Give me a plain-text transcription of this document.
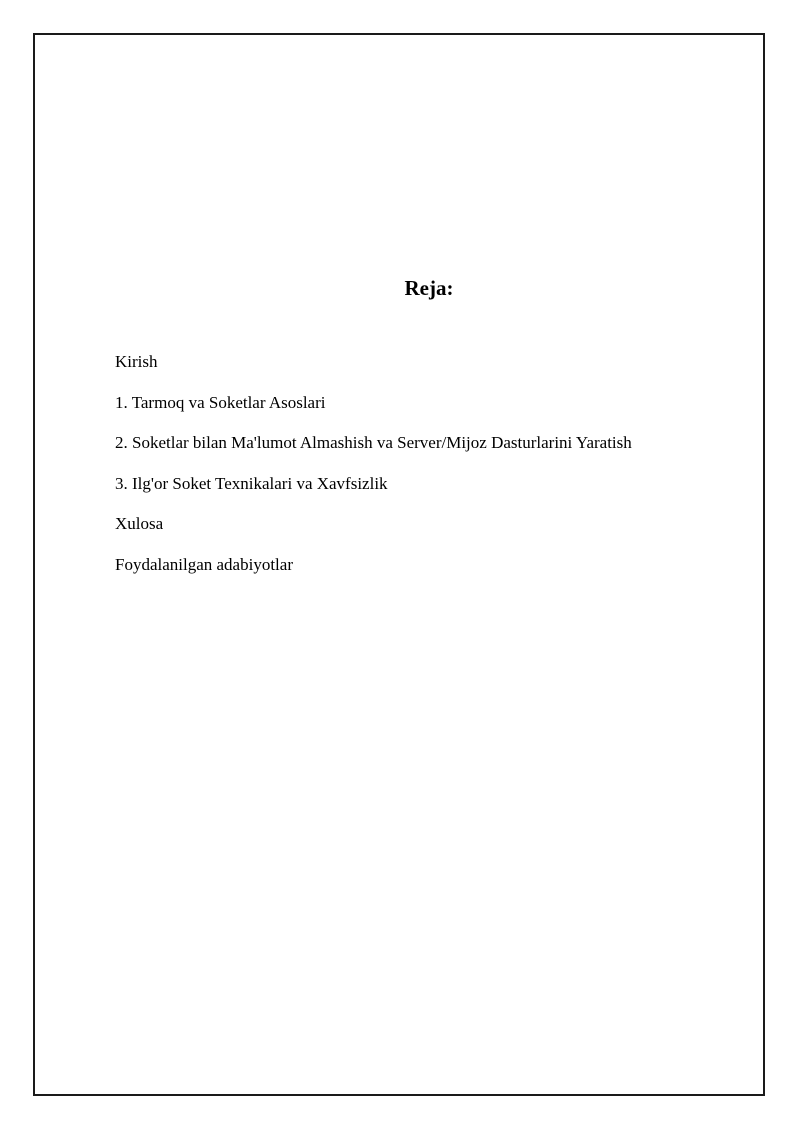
Reja:
Kirish
1. Tarmoq va Soketlar Asoslari
2. Soketlar bilan Ma'lumot Almashish va Server/Mijoz Dasturlarini Yaratish
3. Ilg'or Soket Texnikalari va Xavfsizlik
Xulosa
Foydalanilgan adabiyotlar
